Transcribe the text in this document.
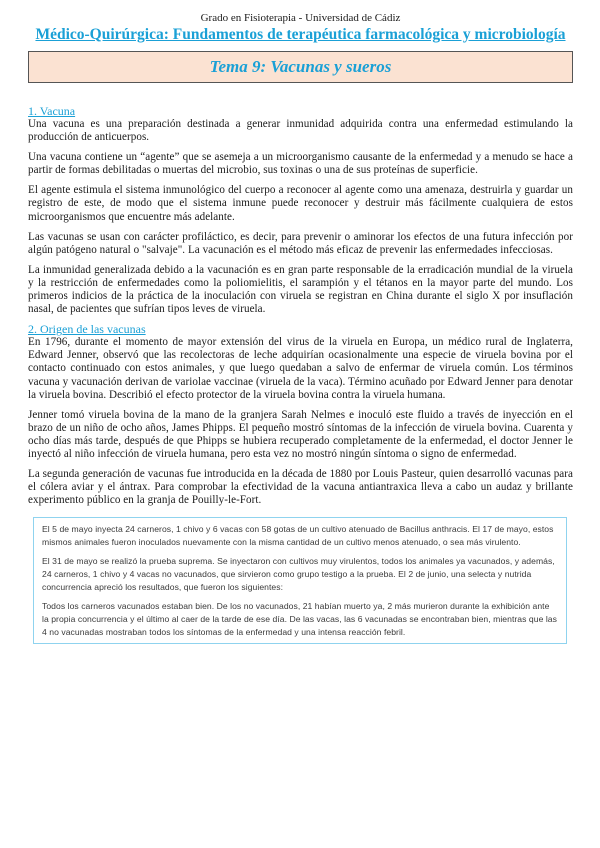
Grado en Fisioterapia - Universidad de Cádiz
Médico-Quirúrgica: Fundamentos de terapéutica farmacológica y microbiología
Tema 9: Vacunas y sueros
1. Vacuna

Una vacuna es una preparación destinada a generar inmunidad adquirida contra una enfermedad estimulando la producción de anticuerpos.

Una vacuna contiene un “agente” que se asemeja a un microorganismo causante de la enfermedad y a menudo se hace a partir de formas debilitadas o muertas del microbio, sus toxinas o una de sus proteínas de superficie.

El agente estimula el sistema inmunológico del cuerpo a reconocer al agente como una amenaza, destruirla y guardar un registro de este, de modo que el sistema inmune puede reconocer y destruir más fácilmente cualquiera de estos microorganismos que encuentre más adelante.

Las vacunas se usan con carácter profiláctico, es decir, para prevenir o aminorar los efectos de una futura infección por algún patógeno natural o "salvaje". La vacunación es el método más eficaz de prevenir las enfermedades infecciosas.

La inmunidad generalizada debido a la vacunación es en gran parte responsable de la erradicación mundial de la viruela y la restricción de enfermedades como la poliomielitis, el sarampión y el tétanos en la mayor parte del mundo. Los primeros indicios de la práctica de la inoculación con viruela se registran en China durante el siglo X por insuflación nasal, de pacientes que sufrían tipos leves de viruela.

2. Origen de las vacunas

En 1796, durante el momento de mayor extensión del virus de la viruela en Europa, un médico rural de Inglaterra, Edward Jenner, observó que las recolectoras de leche adquirían ocasionalmente una especie de viruela bovina por el contacto continuado con estos animales, y que luego quedaban a salvo de enfermar de viruela común. Los términos vacuna y vacunación derivan de variolae vaccinae (viruela de la vaca). Término acuñado por Edward Jenner para denotar la viruela bovina. Describió el efecto protector de la viruela bovina contra la viruela humana.

Jenner tomó viruela bovina de la mano de la granjera Sarah Nelmes e inoculó este fluido a través de inyección en el brazo de un niño de ocho años, James Phipps. El pequeño mostró síntomas de la infección de viruela bovina. Cuarenta y ocho días más tarde, después de que Phipps se hubiera recuperado completamente de la enfermedad, el doctor Jenner le inyectó al niño infección de viruela humana, pero esta vez no mostró ningún síntoma o signo de enfermedad.

La segunda generación de vacunas fue introducida en la década de 1880 por Louis Pasteur, quien desarrolló vacunas para el cólera aviar y el ántrax. Para comprobar la efectividad de la vacuna antiantraxica lleva a cabo un audaz y brillante experimento público en la granja de Pouilly-le-Fort.

El 5 de mayo inyecta 24 carneros, 1 chivo y 6 vacas con 58 gotas de un cultivo atenuado de Bacillus anthracis. El 17 de mayo, estos mismos animales fueron inoculados nuevamente con la misma cantidad de un cultivo menos atenuado, o sea más virulento.

El 31 de mayo se realizó la prueba suprema. Se inyectaron con cultivos muy virulentos, todos los animales ya vacunados, y además, 24 carneros, 1 chivo y 4 vacas no vacunados, que sirvieron como grupo testigo a la prueba. El 2 de junio, una selecta y nutrida concurrencia apreció los resultados, que fueron los siguientes:

Todos los carneros vacunados estaban bien. De los no vacunados, 21 habían muerto ya, 2 más murieron durante la exhibición ante la propia concurrencia y el último al caer de la tarde de ese día. De las vacas, las 6 vacunadas se encontraban bien, mientras que las 4 no vacunadas mostraban todos los síntomas de la enfermedad y una intensa reacción febril.
